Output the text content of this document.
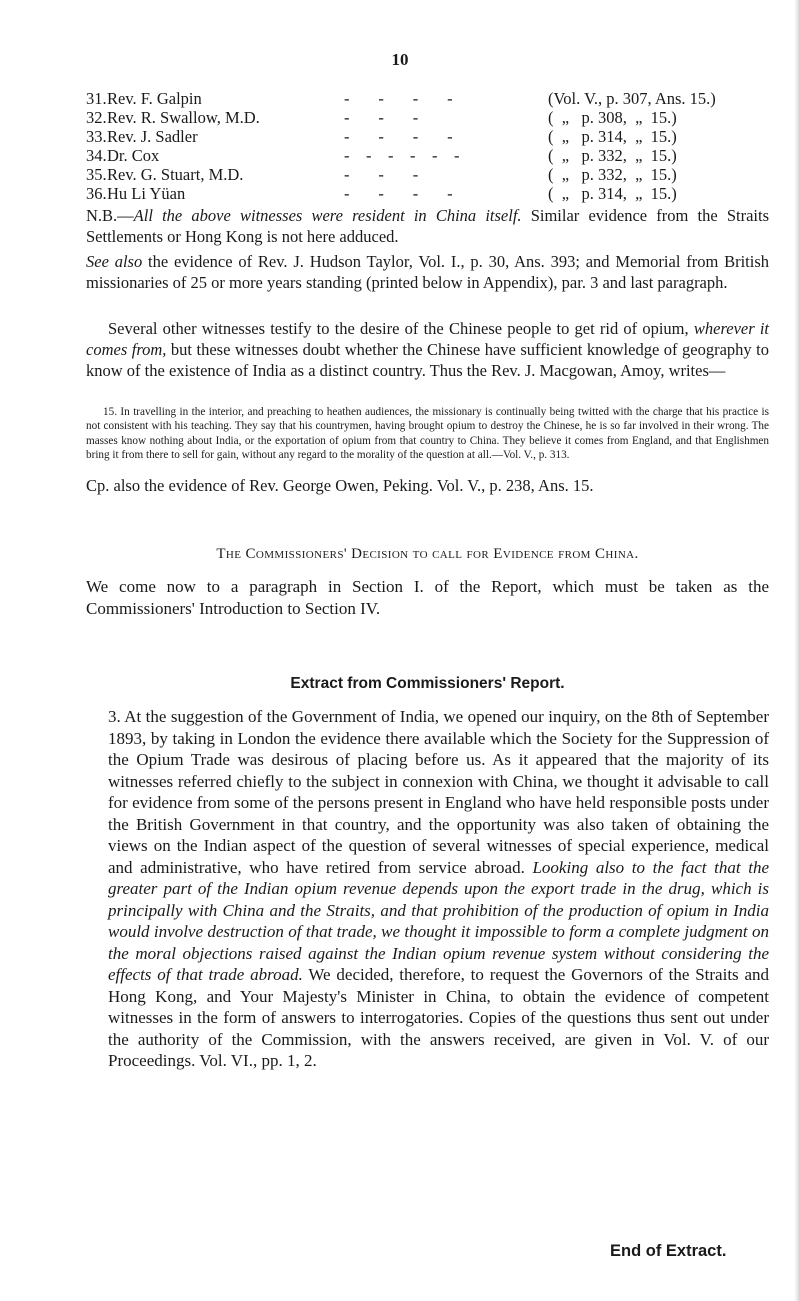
10
31. Rev. F. Galpin	-       -       -       -	(Vol. V., p. 307, Ans. 15.)
32. Rev. R. Swallow, M.D.	-       -       -	(  „   p. 308,  „  15.)
33. Rev. J. Sadler	-       -       -       -	(  „   p. 314,  „  15.)
34. Dr. Cox	-    -    -    -    -    -	(  „   p. 332,  „  15.)
35. Rev. G. Stuart, M.D.	-       -       -	(  „   p. 332,  „  15.)
36. Hu Li Yüan	-       -       -       -	(  „   p. 314,  „  15.)

N.B.—All the above witnesses were resident in China itself. Similar evidence from the Straits Settlements or Hong Kong is not here adduced.

See also the evidence of Rev. J. Hudson Taylor, Vol. I., p. 30, Ans. 393; and Memorial from British missionaries of 25 or more years standing (printed below in Appendix), par. 3 and last paragraph.

Several other witnesses testify to the desire of the Chinese people to get rid of opium, wherever it comes from, but these witnesses doubt whether the Chinese have sufficient knowledge of geography to know of the existence of India as a distinct country. Thus the Rev. J. Macgowan, Amoy, writes—

15. In travelling in the interior, and preaching to heathen audiences, the missionary is continually being twitted with the charge that his practice is not consistent with his teaching. They say that his countrymen, having brought opium to destroy the Chinese, he is so far involved in their wrong. The masses know nothing about India, or the exportation of opium from that country to China. They believe it comes from England, and that Englishmen bring it from there to sell for gain, without any regard to the morality of the question at all.—Vol. V., p. 313.

Cp. also the evidence of Rev. George Owen, Peking. Vol. V., p. 238, Ans. 15.

The Commissioners' Decision to call for Evidence from China.

We come now to a paragraph in Section I. of the Report, which must be taken as the Commissioners' Introduction to Section IV.

Extract from Commissioners' Report.

3. At the suggestion of the Government of India, we opened our inquiry, on the 8th of September 1893, by taking in London the evidence there available which the Society for the Suppression of the Opium Trade was desirous of placing before us. As it appeared that the majority of its witnesses referred chiefly to the subject in connexion with China, we thought it advisable to call for evidence from some of the persons present in England who have held responsible posts under the British Government in that country, and the opportunity was also taken of obtaining the views on the Indian aspect of the question of several witnesses of special experience, medical and administrative, who have retired from service abroad. Looking also to the fact that the greater part of the Indian opium revenue depends upon the export trade in the drug, which is principally with China and the Straits, and that prohibition of the production of opium in India would involve destruction of that trade, we thought it impossible to form a complete judgment on the moral objections raised against the Indian opium revenue system without considering the effects of that trade abroad. We decided, therefore, to request the Governors of the Straits and Hong Kong, and Your Majesty's Minister in China, to obtain the evidence of competent witnesses in the form of answers to interrogatories. Copies of the questions thus sent out under the authority of the Commission, with the answers received, are given in Vol. V. of our Proceedings. Vol. VI., pp. 1, 2.

End of Extract.
